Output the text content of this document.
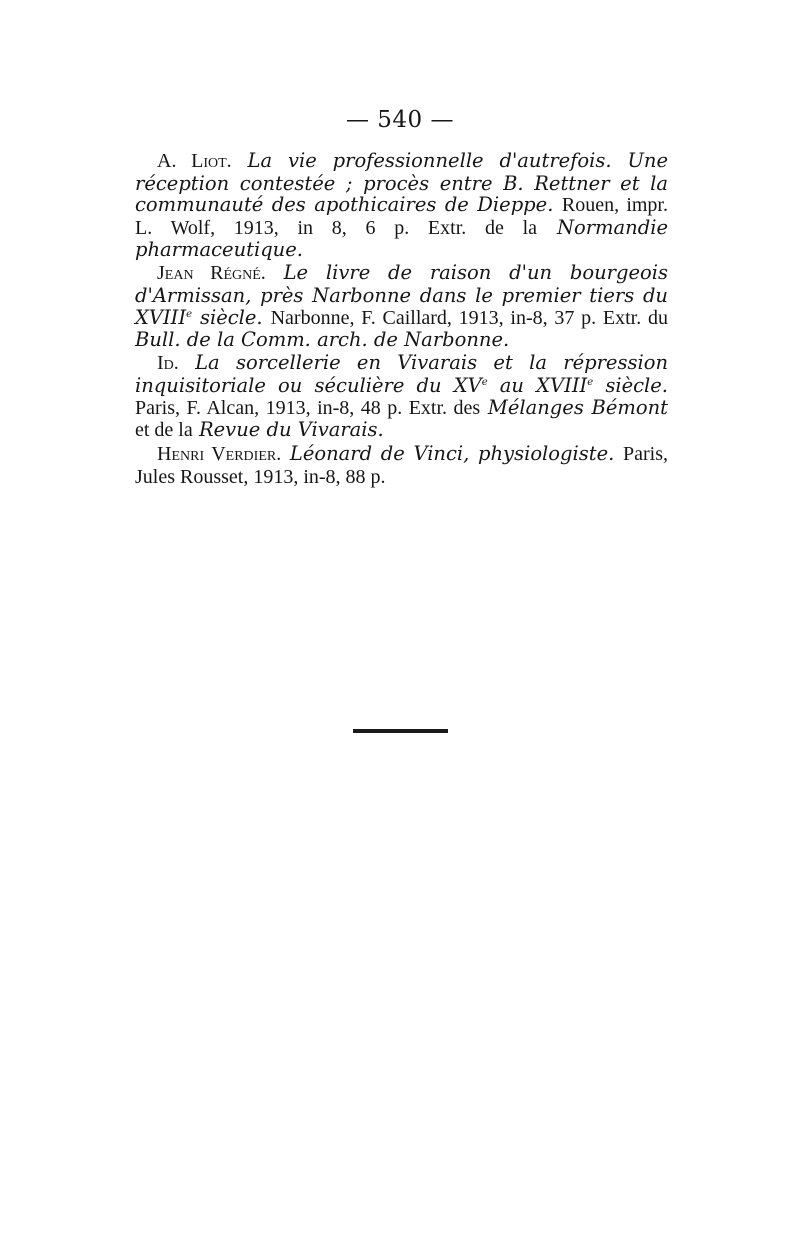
— 540 —

A. Liot. La vie professionnelle d'autrefois. Une réception contestée ; procès entre B. Rettner et la communauté des apothicaires de Dieppe. Rouen, impr. L. Wolf, 1913, in 8, 6 p. Extr. de la Normandie pharmaceutique.

Jean Régné. Le livre de raison d'un bourgeois d'Armissan, près Narbonne dans le premier tiers du XVIIIe siècle. Narbonne, F. Caillard, 1913, in-8, 37 p. Extr. du Bull. de la Comm. arch. de Narbonne.

Id. La sorcellerie en Vivarais et la répression inquisitoriale ou séculière du XVe au XVIIIe siècle. Paris, F. Alcan, 1913, in-8, 48 p. Extr. des Mélanges Bémont et de la Revue du Vivarais.

Henri Verdier. Léonard de Vinci, physiologiste. Paris, Jules Rousset, 1913, in-8, 88 p.
